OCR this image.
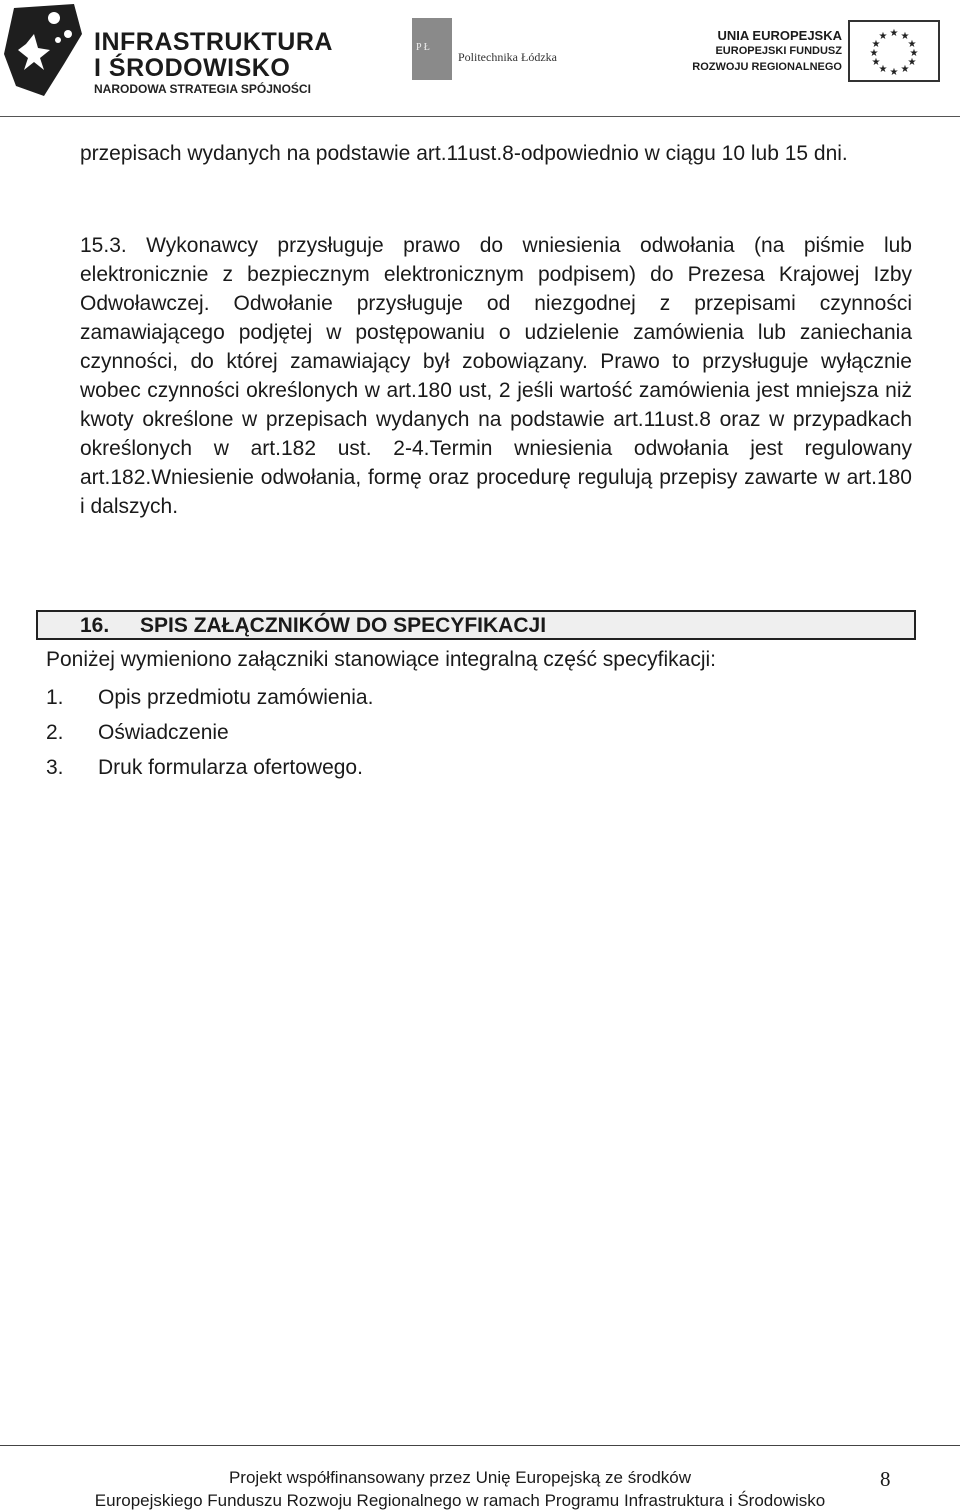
INFRASTRUKTURA
I ŚRODOWISKO
NARODOWA STRATEGIA SPÓJNOŚCI
P Ł
Politechnika Łódzka
UNIA EUROPEJSKA
EUROPEJSKI FUNDUSZ
ROZWOJU REGIONALNEGO
★ ★
★
★
★
★
★
★
★
★
★
★
przepisach wydanych na podstawie art.11ust.8-odpowiednio w ciągu 10 lub 15 dni.
15.3. Wykonawcy przysługuje prawo do wniesienia odwołania (na piśmie lub elektronicznie z bezpiecznym elektronicznym podpisem) do Prezesa Krajowej Izby Odwoławczej. Odwołanie przysługuje od niezgodnej z przepisami czynności zamawiającego podjętej w postępowaniu o udzielenie zamówienia lub zaniechania czynności, do której zamawiający był zobowiązany. Prawo to przysługuje wyłącznie wobec czynności określonych w art.180 ust, 2 jeśli wartość zamówienia jest mniejsza niż kwoty określone w przepisach wydanych na podstawie art.11ust.8 oraz w przypadkach określonych w art.182 ust. 2-4.Termin wniesienia odwołania jest regulowany art.182.Wniesienie odwołania, formę oraz procedurę regulują przepisy zawarte w art.180 i dalszych.
16. SPIS ZAŁĄCZNIKÓW DO SPECYFIKACJI
Poniżej wymieniono załączniki stanowiące integralną część specyfikacji:
1. Opis przedmiotu zamówienia.
2. Oświadczenie
3. Druk formularza ofertowego.
Projekt współfinansowany przez Unię Europejską ze środków
Europejskiego Funduszu Rozwoju Regionalnego w ramach Programu Infrastruktura i Środowisko
8
